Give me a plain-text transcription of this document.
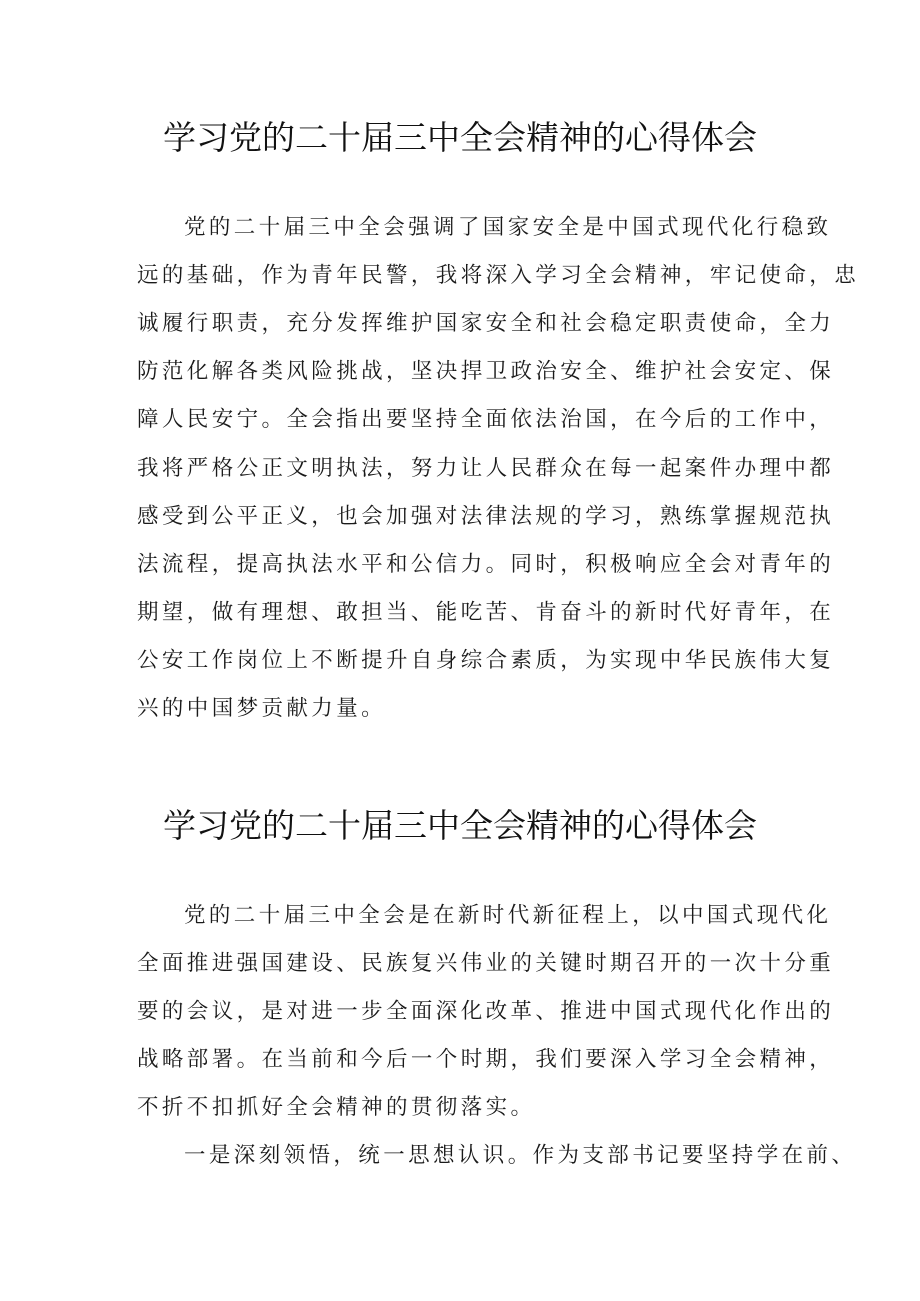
学习党的二十届三中全会精神的心得体会
党的二十届三中全会强调了国家安全是中国式现代化行稳致
远的基础，作为青年民警，我将深入学习全会精神，牢记使命，忠
诚履行职责，充分发挥维护国家安全和社会稳定职责使命，全力
防范化解各类风险挑战，坚决捍卫政治安全、维护社会安定、保
障人民安宁。全会指出要坚持全面依法治国，在今后的工作中，
我将严格公正文明执法，努力让人民群众在每一起案件办理中都
感受到公平正义，也会加强对法律法规的学习，熟练掌握规范执
法流程，提高执法水平和公信力。同时，积极响应全会对青年的
期望，做有理想、敢担当、能吃苦、肯奋斗的新时代好青年，在
公安工作岗位上不断提升自身综合素质，为实现中华民族伟大复
兴的中国梦贡献力量。
学习党的二十届三中全会精神的心得体会
党的二十届三中全会是在新时代新征程上，以中国式现代化
全面推进强国建设、民族复兴伟业的关键时期召开的一次十分重
要的会议，是对进一步全面深化改革、推进中国式现代化作出的
战略部署。在当前和今后一个时期，我们要深入学习全会精神，
不折不扣抓好全会精神的贯彻落实。
一是深刻领悟，统一思想认识。作为支部书记要坚持学在前、
